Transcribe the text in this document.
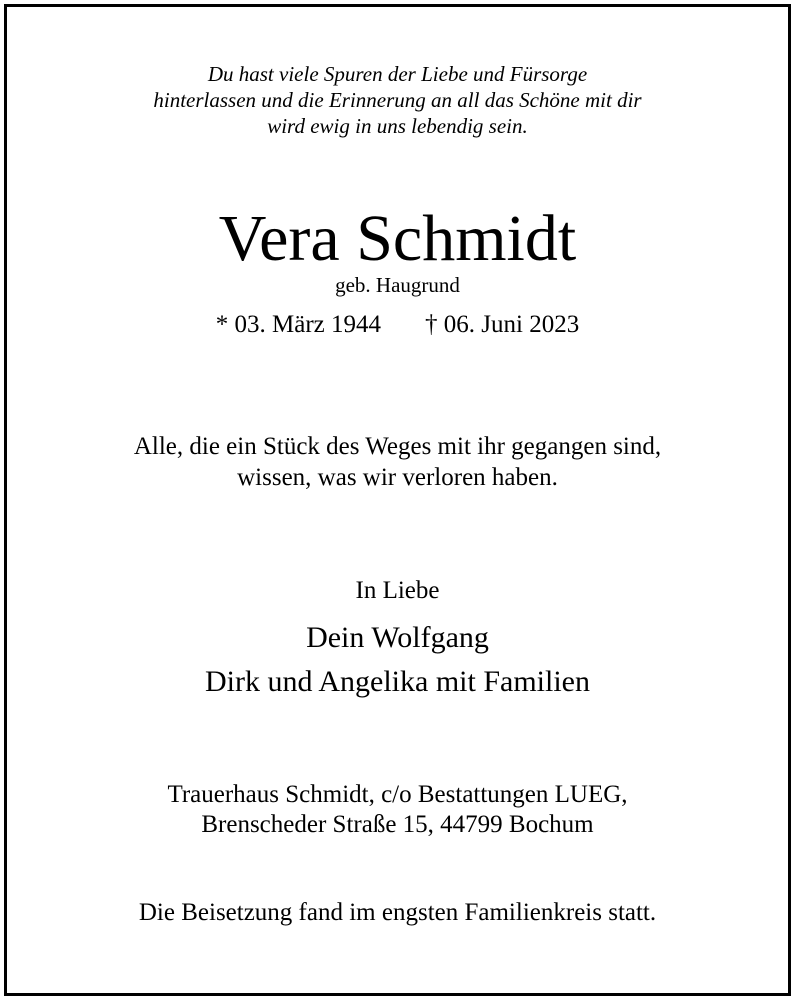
Du hast viele Spuren der Liebe und Fürsorge
hinterlassen und die Erinnerung an all das Schöne mit dir
wird ewig in uns lebendig sein.
Vera Schmidt
geb. Haugrund
* 03. März 1944 † 06. Juni 2023
Alle, die ein Stück des Weges mit ihr gegangen sind,
wissen, was wir verloren haben.
In Liebe
Dein Wolfgang
Dirk und Angelika mit Familien
Trauerhaus Schmidt, c/o Bestattungen LUEG,
Brenscheder Straße 15, 44799 Bochum
Die Beisetzung fand im engsten Familienkreis statt.
